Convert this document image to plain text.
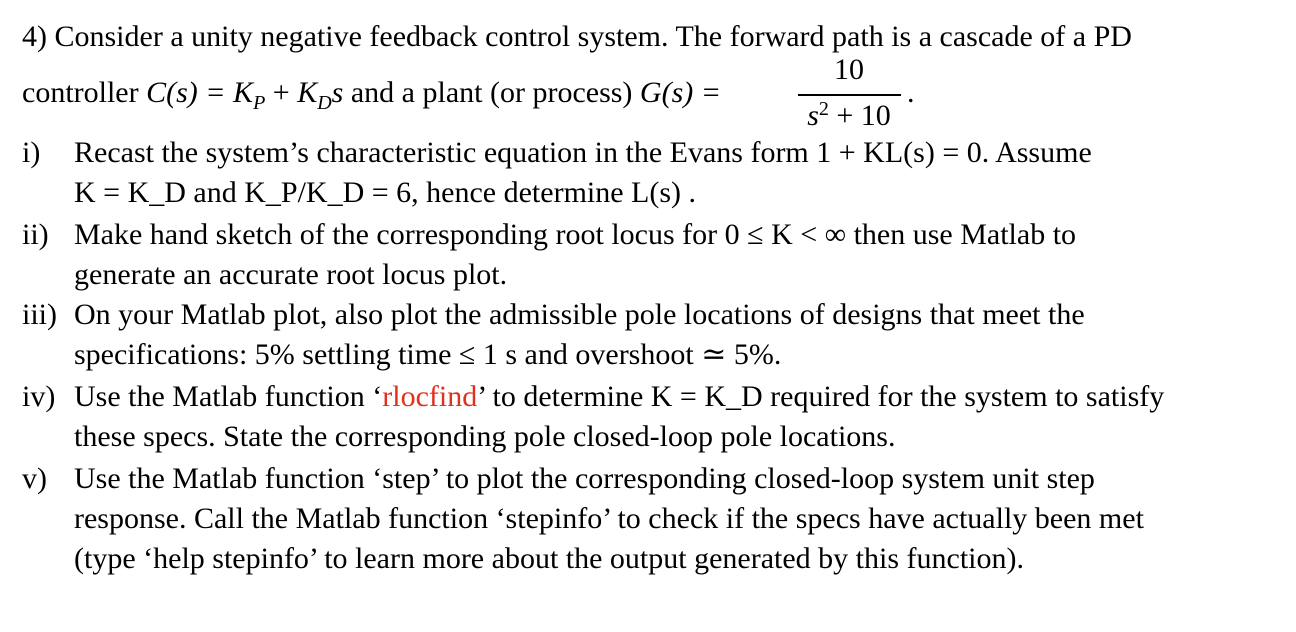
4) Consider a unity negative feedback control system. The forward path is a cascade of a PD
controller $C(s) = K_P + K_Ds$ and a plant (or process) G(s) =
10
$s^2 + 10$
.
i) Recast the system’s characteristic equation in the Evans form 1 + KL(s) = 0. Assume
K = K_D and K_P/K_D = 6, hence determine L(s) .
ii) Make hand sketch of the corresponding root locus for 0 ≤ K < ∞ then use Matlab to
generate an accurate root locus plot.
iii) On your Matlab plot, also plot the admissible pole locations of designs that meet the
specifications: 5% settling time ≤ 1 s and overshoot ≃ 5%.
iv) Use the Matlab function ‘rlocfind’ to determine K = K_D required for the system to satisfy
these specs. State the corresponding pole closed-loop pole locations.
v) Use the Matlab function ‘step’ to plot the corresponding closed-loop system unit step
response. Call the Matlab function ‘stepinfo’ to check if the specs have actually been met
(type ‘help stepinfo’ to learn more about the output generated by this function).
